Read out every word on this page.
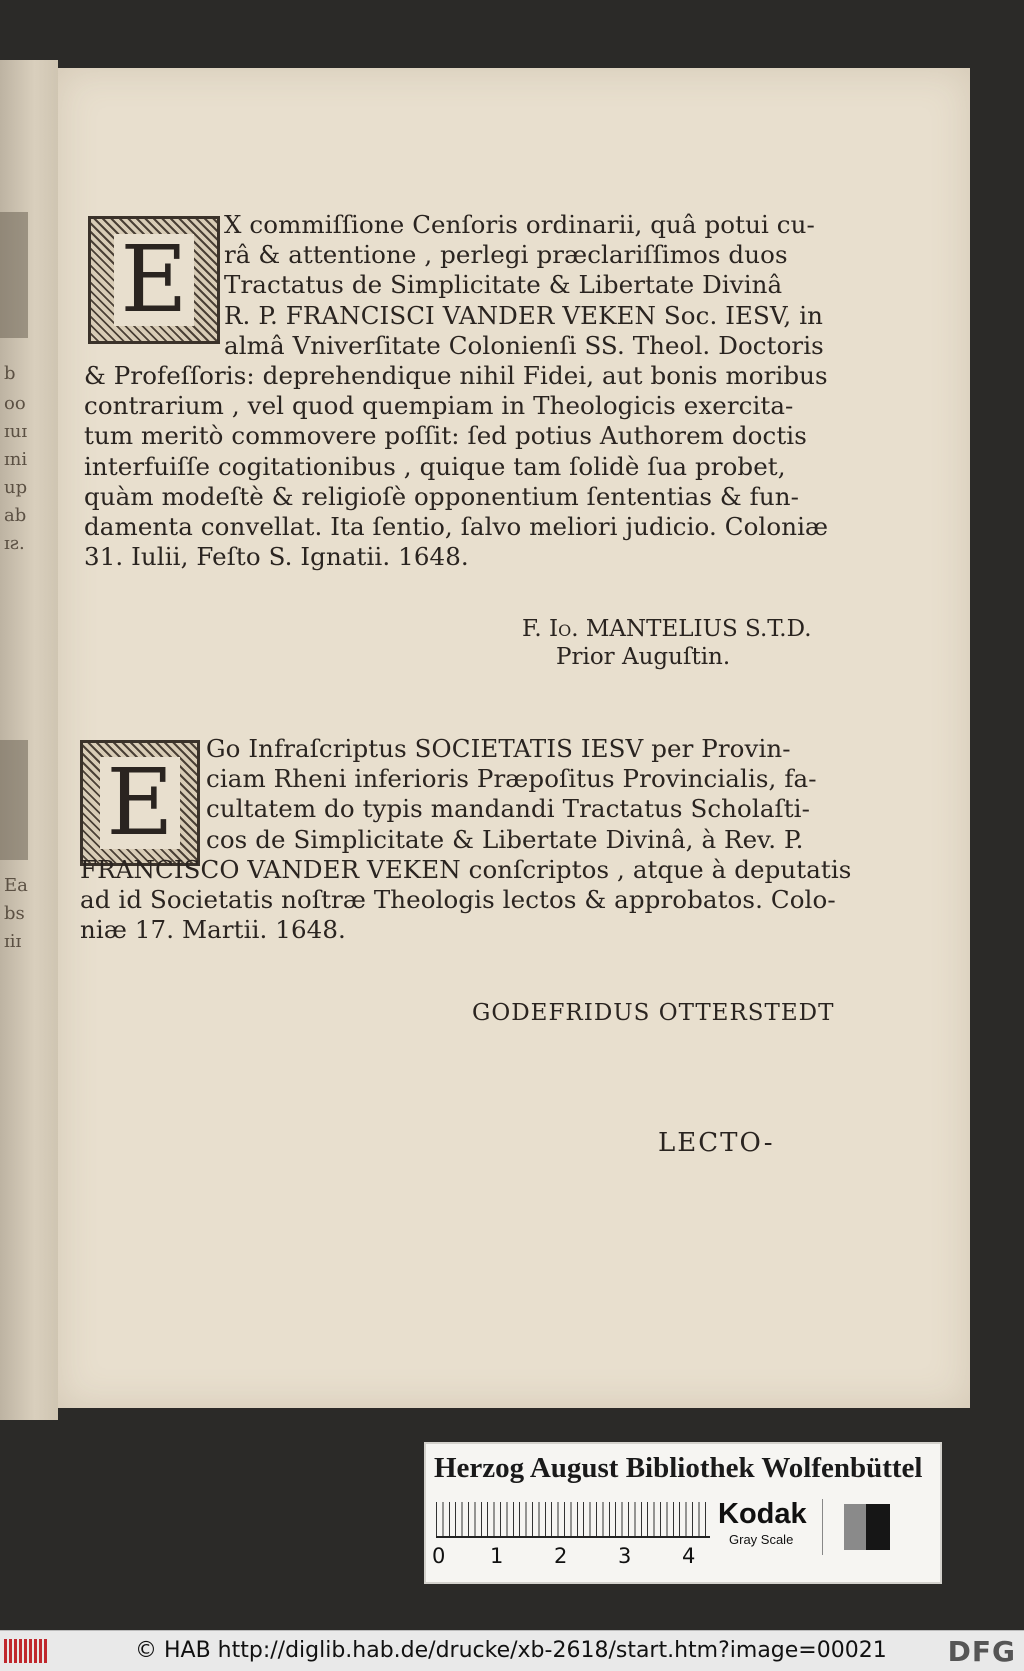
b
oo
ɪuɪ
ɪni
up
ab
ɪƨ.
Ea
bs
ɪiɪ
E
X commiſſione Cenſoris ordinarii, quâ potui cu-
râ & attentione , perlegi præclariſſimos duos
Tractatus de Simplicitate & Libertate Divinâ
R. P. FRANCISCI VANDER VEKEN Soc. IESV, in
almâ Vniverſitate Colonienſi SS. Theol. Doctoris
& Profeſſoris: deprehendique nihil Fidei, aut bonis moribus
contrarium , vel quod quempiam in Theologicis exercita-
tum meritò commovere poſſit: ſed potius Authorem doctis
interfuiſſe cogitationibus , quique tam ſolidè ſua probet,
quàm modeſtè & religioſè opponentium ſententias & fun-
damenta convellat. Ita ſentio, ſalvo meliori judicio. Coloniæ
31. Iulii, Feſto S. Ignatii. 1648.
F. Io. MANTELIUS S.T.D.
Prior Auguſtin.
E
Go Infraſcriptus SOCIETATIS IESV per Provin-
ciam Rheni inferioris Præpoſitus Provincialis, fa-
cultatem do typis mandandi Tractatus Scholaſti-
cos de Simplicitate & Libertate Divinâ, à Rev. P.
FRANCISCO VANDER VEKEN conſcriptos , atque à deputatis
ad id Societatis noſtræ Theologis lectos & approbatos. Colo-
niæ 17. Martii. 1648.
GODEFRIDUS OTTERSTEDT
LECTO-
Herzog August Bibliothek Wolfenbüttel
0 1 2 3 4
Kodak
Gray Scale
© HAB http://diglib.hab.de/drucke/xb-2618/start.htm?image=00021 DFG
